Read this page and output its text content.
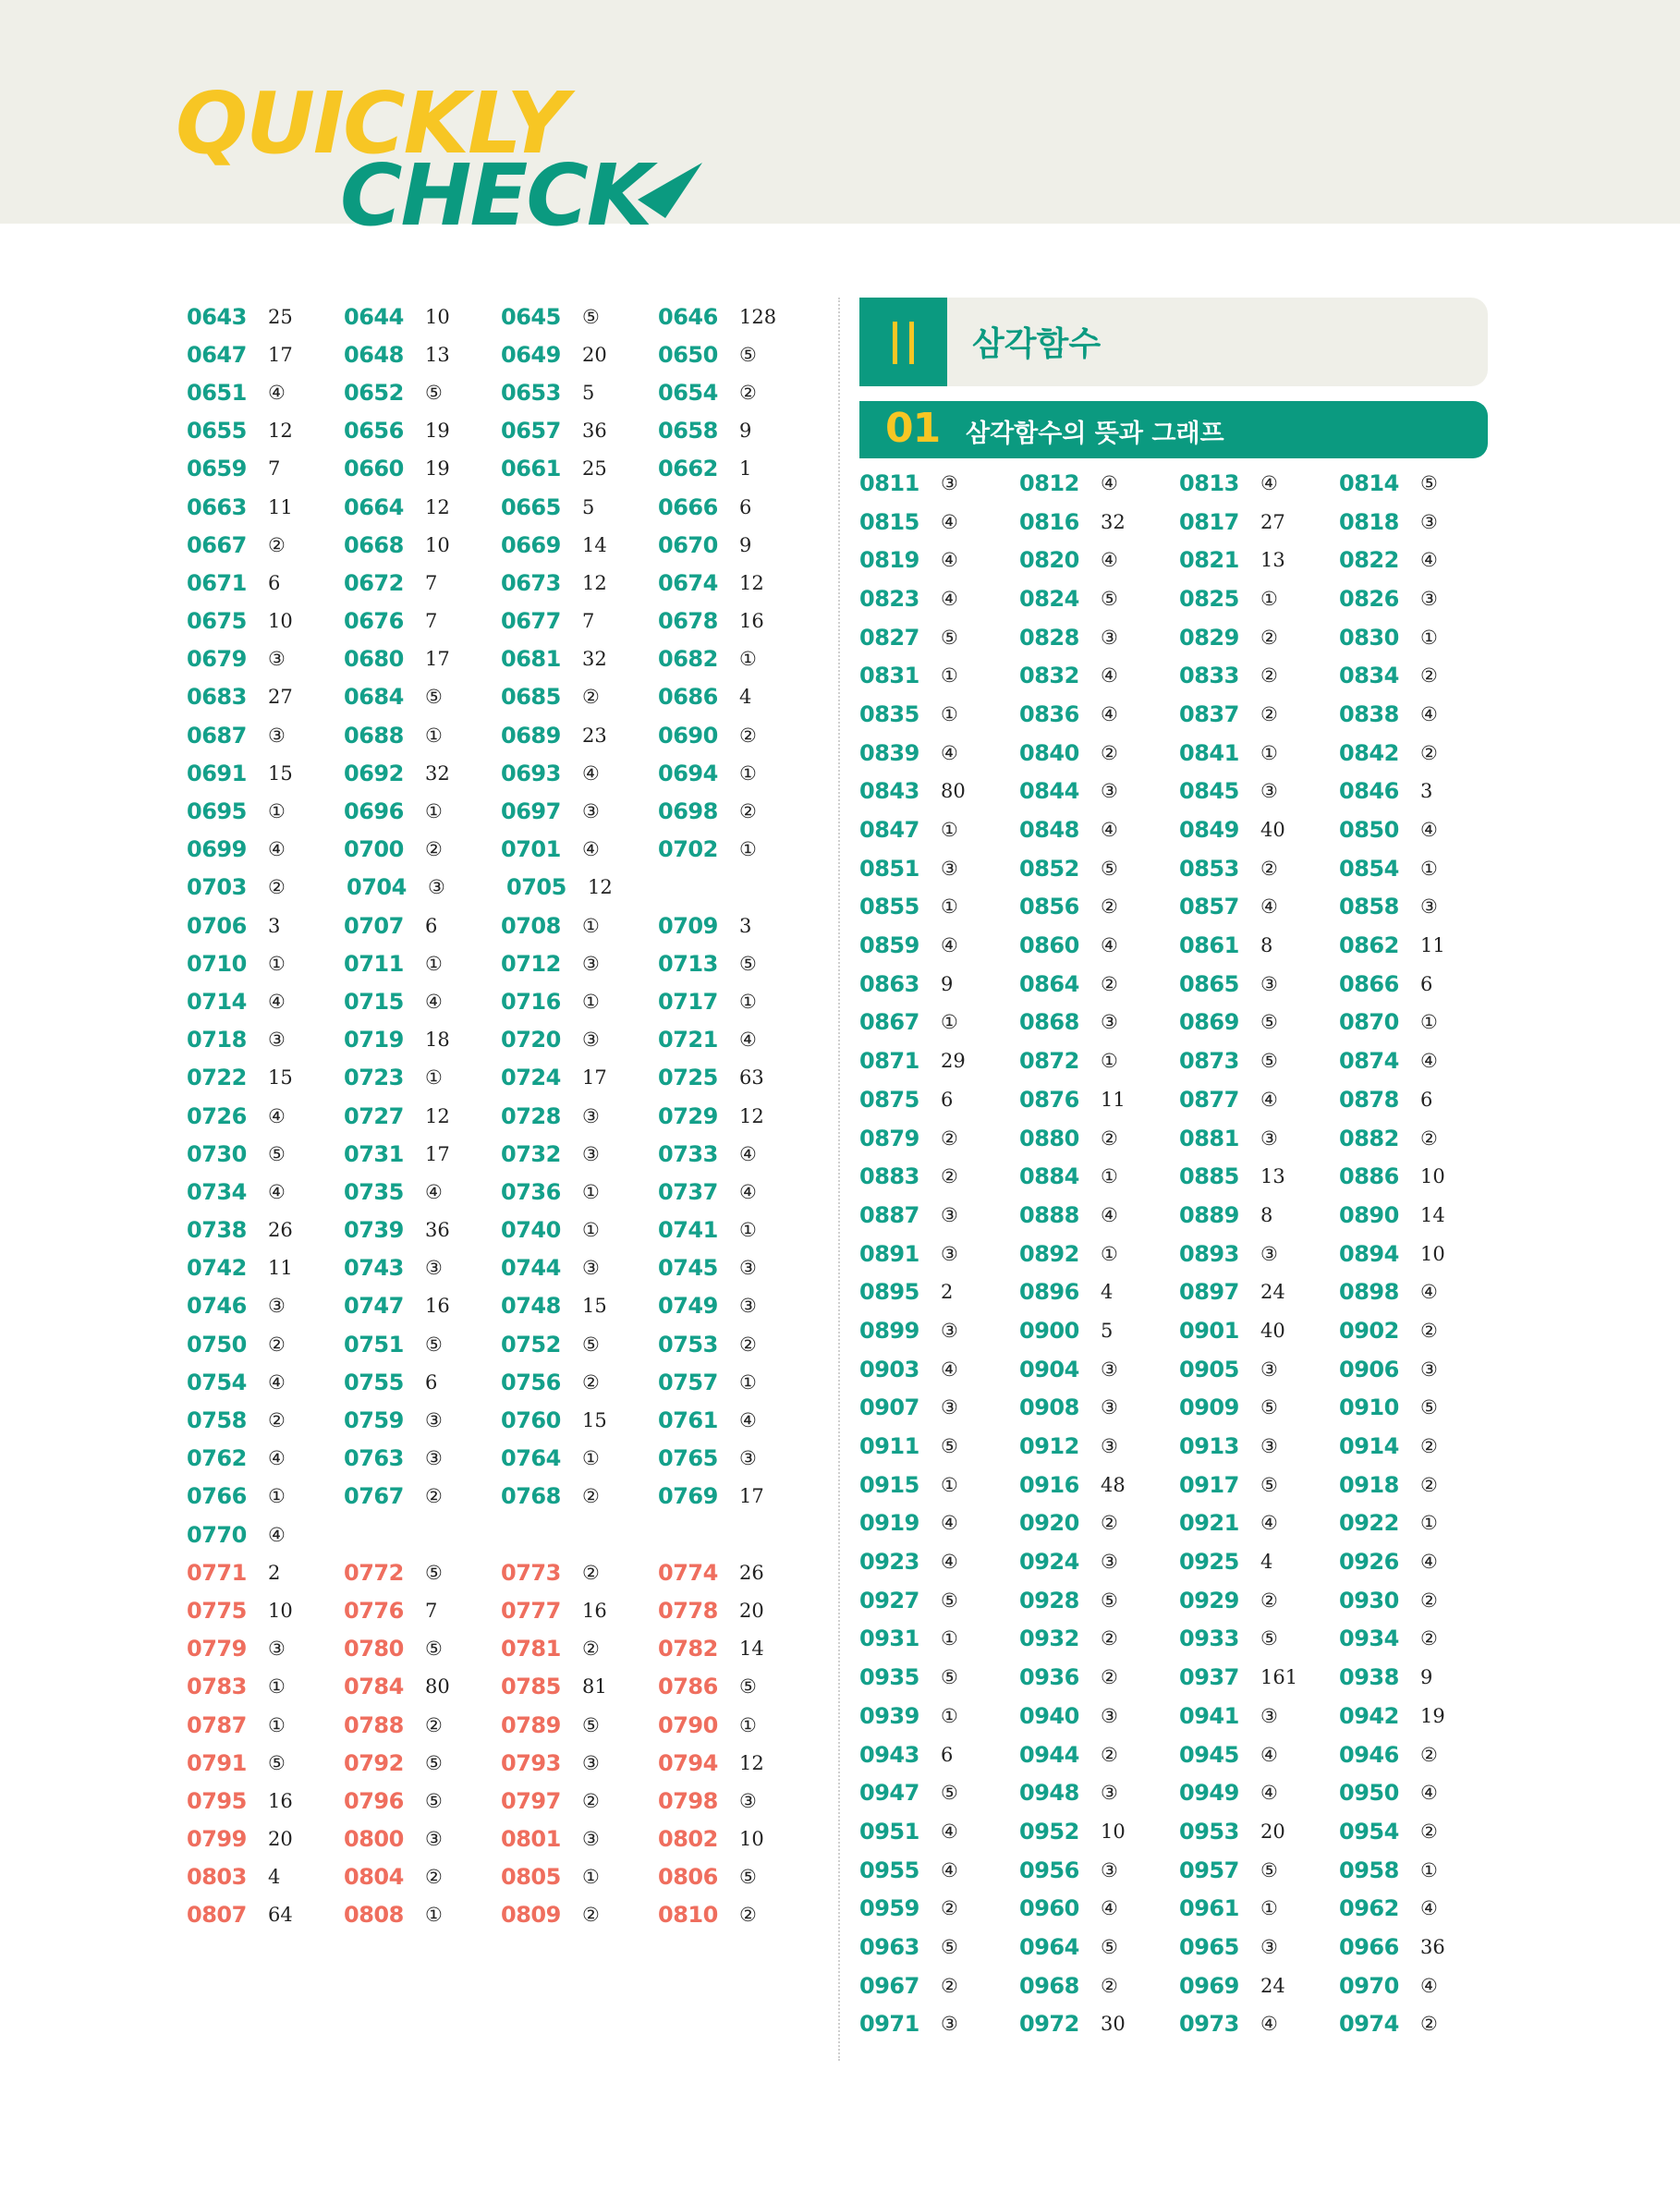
QUICKLY
CHECK
0643	25 0644	10 0645	⑤	0646	128
0647	17 0648	13 0649	20 0650	⑤
0651	④	0652	⑤	0653	5	0654	②
0655	12 0656	19 0657	36 0658	9
0659	7	0660	19 0661	25 0662	1
0663	11 0664	12 0665	5	0666	6
0667	②	0668	10 0669	14 0670	9
0671	6	0672	7	0673	12 0674	12
0675	10 0676	7	0677	7	0678	16
0679	③	0680	17 0681	32 0682	①
0683	27 0684	⑤	0685	②	0686	4
0687	③	0688	①	0689	23 0690	②
0691	15 0692	32 0693	④	0694	①
0695	①	0696	①	0697	③	0698	②
0699	④	0700	②	0701	④	0702	①
0703	②	0704	③	0705	12
0706	3	0707	6	0708	①	0709	3
0710	①	0711	①	0712	③	0713	⑤
0714	④	0715	④	0716	①	0717	①
0718	③	0719	18 0720	③	0721	④
0722	15 0723	①	0724	17 0725	63
0726	④	0727	12 0728	③	0729	12
0730	⑤	0731	17 0732	③	0733	④
0734	④	0735	④	0736	①	0737	④
0738	26 0739	36 0740	①	0741	①
0742	11 0743	③	0744	③	0745	③
0746	③	0747	16 0748	15 0749	③
0750	②	0751	⑤	0752	⑤	0753	②
0754	④	0755	6	0756	②	0757	①
0758	②	0759	③	0760	15 0761	④
0762	④	0763	③	0764	①	0765	③
0766	①	0767	②	0768	②	0769	17
0770	④
0771	2	0772	⑤	0773	②	0774	26
0775	10 0776	7	0777	16 0778	20
0779	③	0780	⑤	0781	②	0782	14
0783	①	0784	80 0785	81 0786	⑤
0787	①	0788	②	0789	⑤	0790	①
0791	⑤	0792	⑤	0793	③	0794	12
0795	16 0796	⑤	0797	②	0798	③
0799	20 0800	③	0801	③	0802	10
0803	4	0804	②	0805	①	0806	⑤
0807	64 0808	①	0809	②	0810	②
삼각함수
01 삼각함수의 뜻과 그래프
0811	③	0812	④	0813	④	0814	⑤
0815	④	0816	32 0817	27 0818	③
0819	④	0820	④	0821	13 0822	④
0823	④	0824	⑤	0825	①	0826	③
0827	⑤	0828	③	0829	②	0830	①
0831	①	0832	④	0833	②	0834	②
0835	①	0836	④	0837	②	0838	④
0839	④	0840	②	0841	①	0842	②
0843	80 0844	③	0845	③	0846	3
0847	①	0848	④	0849	40 0850	④
0851	③	0852	⑤	0853	②	0854	①
0855	①	0856	②	0857	④	0858	③
0859	④	0860	④	0861	8	0862	11
0863	9	0864	②	0865	③	0866	6
0867	①	0868	③	0869	⑤	0870	①
0871	29 0872	①	0873	⑤	0874	④
0875	6	0876	11 0877	④	0878	6
0879	②	0880	②	0881	③	0882	②
0883	②	0884	①	0885	13 0886	10
0887	③	0888	④	0889	8	0890	14
0891	③	0892	①	0893	③	0894	10
0895	2	0896	4	0897	24 0898	④
0899	③	0900	5	0901	40 0902	②
0903	④	0904	③	0905	③	0906	③
0907	③	0908	③	0909	⑤	0910	⑤
0911	⑤	0912	③	0913	③	0914	②
0915	①	0916	48 0917	⑤	0918	②
0919	④	0920	②	0921	④	0922	①
0923	④	0924	③	0925	4	0926	④
0927	⑤	0928	⑤	0929	②	0930	②
0931	①	0932	②	0933	⑤	0934	②
0935	⑤	0936	②	0937	161 0938	9
0939	①	0940	③	0941	③	0942	19
0943	6	0944	②	0945	④	0946	②
0947	⑤	0948	③	0949	④	0950	④
0951	④	0952	10 0953	20 0954	②
0955	④	0956	③	0957	⑤	0958	①
0959	②	0960	④	0961	①	0962	④
0963	⑤	0964	⑤	0965	③	0966	36
0967	②	0968	②	0969	24 0970	④
0971	③	0972	30 0973	④	0974	②
